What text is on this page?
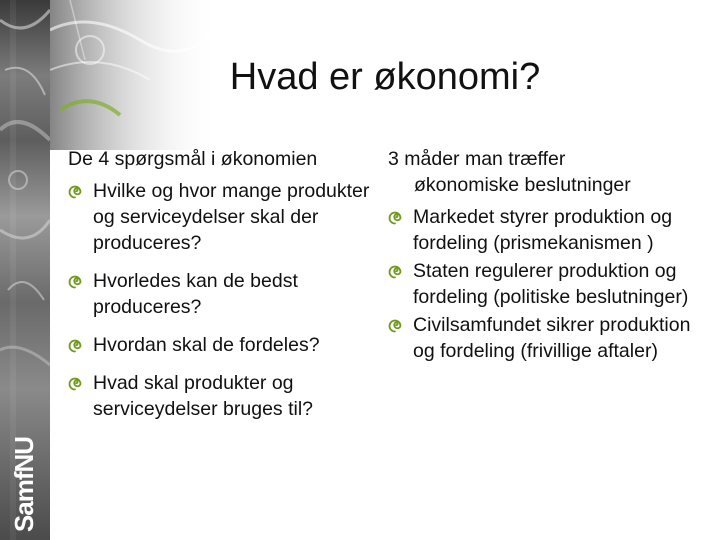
SamfNU
Hvad er økonomi?

De 4 spørgsmål i økonomien

Hvilke og hvor mange produkter og serviceydelser skal der produceres?
Hvorledes kan de bedst produceres?
Hvordan skal de fordeles?
Hvad skal produkter og serviceydelser bruges til?

3 måder man træffer
økonomiske beslutninger

Markedet styrer produktion og fordeling (prismekanismen )
Staten regulerer produktion og fordeling (politiske beslutninger)
Civilsamfundet sikrer produktion og fordeling (frivillige aftaler)
